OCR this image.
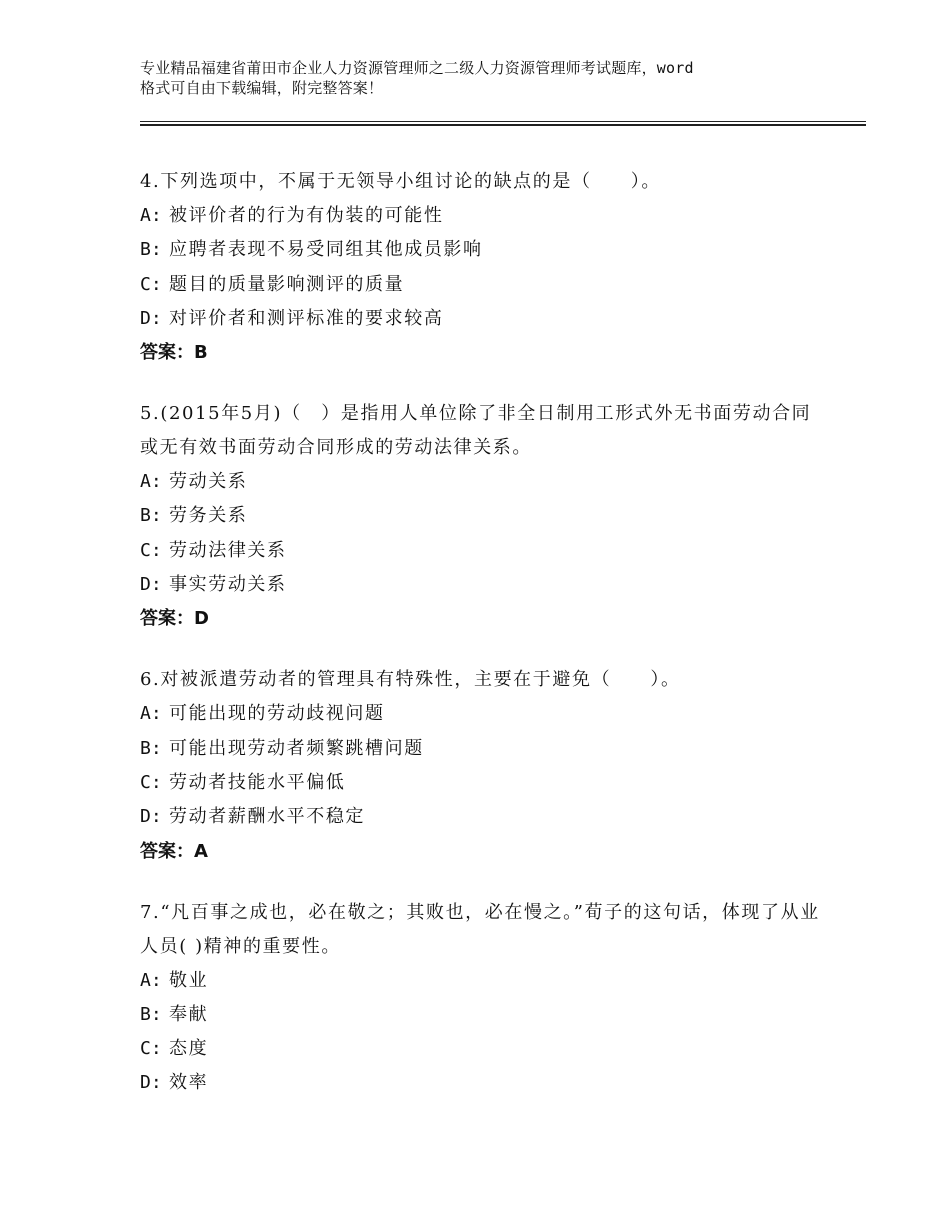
专业精品福建省莆田市企业人力资源管理师之二级人力资源管理师考试题库，word
格式可自由下载编辑，附完整答案！

4.下列选项中，不属于无领导小组讨论的缺点的是（　　）。

A: 被评价者的行为有伪装的可能性

B: 应聘者表现不易受同组其他成员影响

C: 题目的质量影响测评的质量

D: 对评价者和测评标准的要求较高

答案：B

5.(2015年5月)（　）是指用人单位除了非全日制用工形式外无书面劳动合同或无有效书面劳动合同形成的劳动法律关系。

A: 劳动关系

B: 劳务关系

C: 劳动法律关系

D: 事实劳动关系

答案：D

6.对被派遣劳动者的管理具有特殊性，主要在于避免（　　）。

A: 可能出现的劳动歧视问题

B: 可能出现劳动者频繁跳槽问题

C: 劳动者技能水平偏低

D: 劳动者薪酬水平不稳定

答案：A

7.“凡百事之成也，必在敬之；其败也，必在慢之。”荀子的这句话，体现了从业人员( )精神的重要性。

A: 敬业

B: 奉献

C: 态度

D: 效率
